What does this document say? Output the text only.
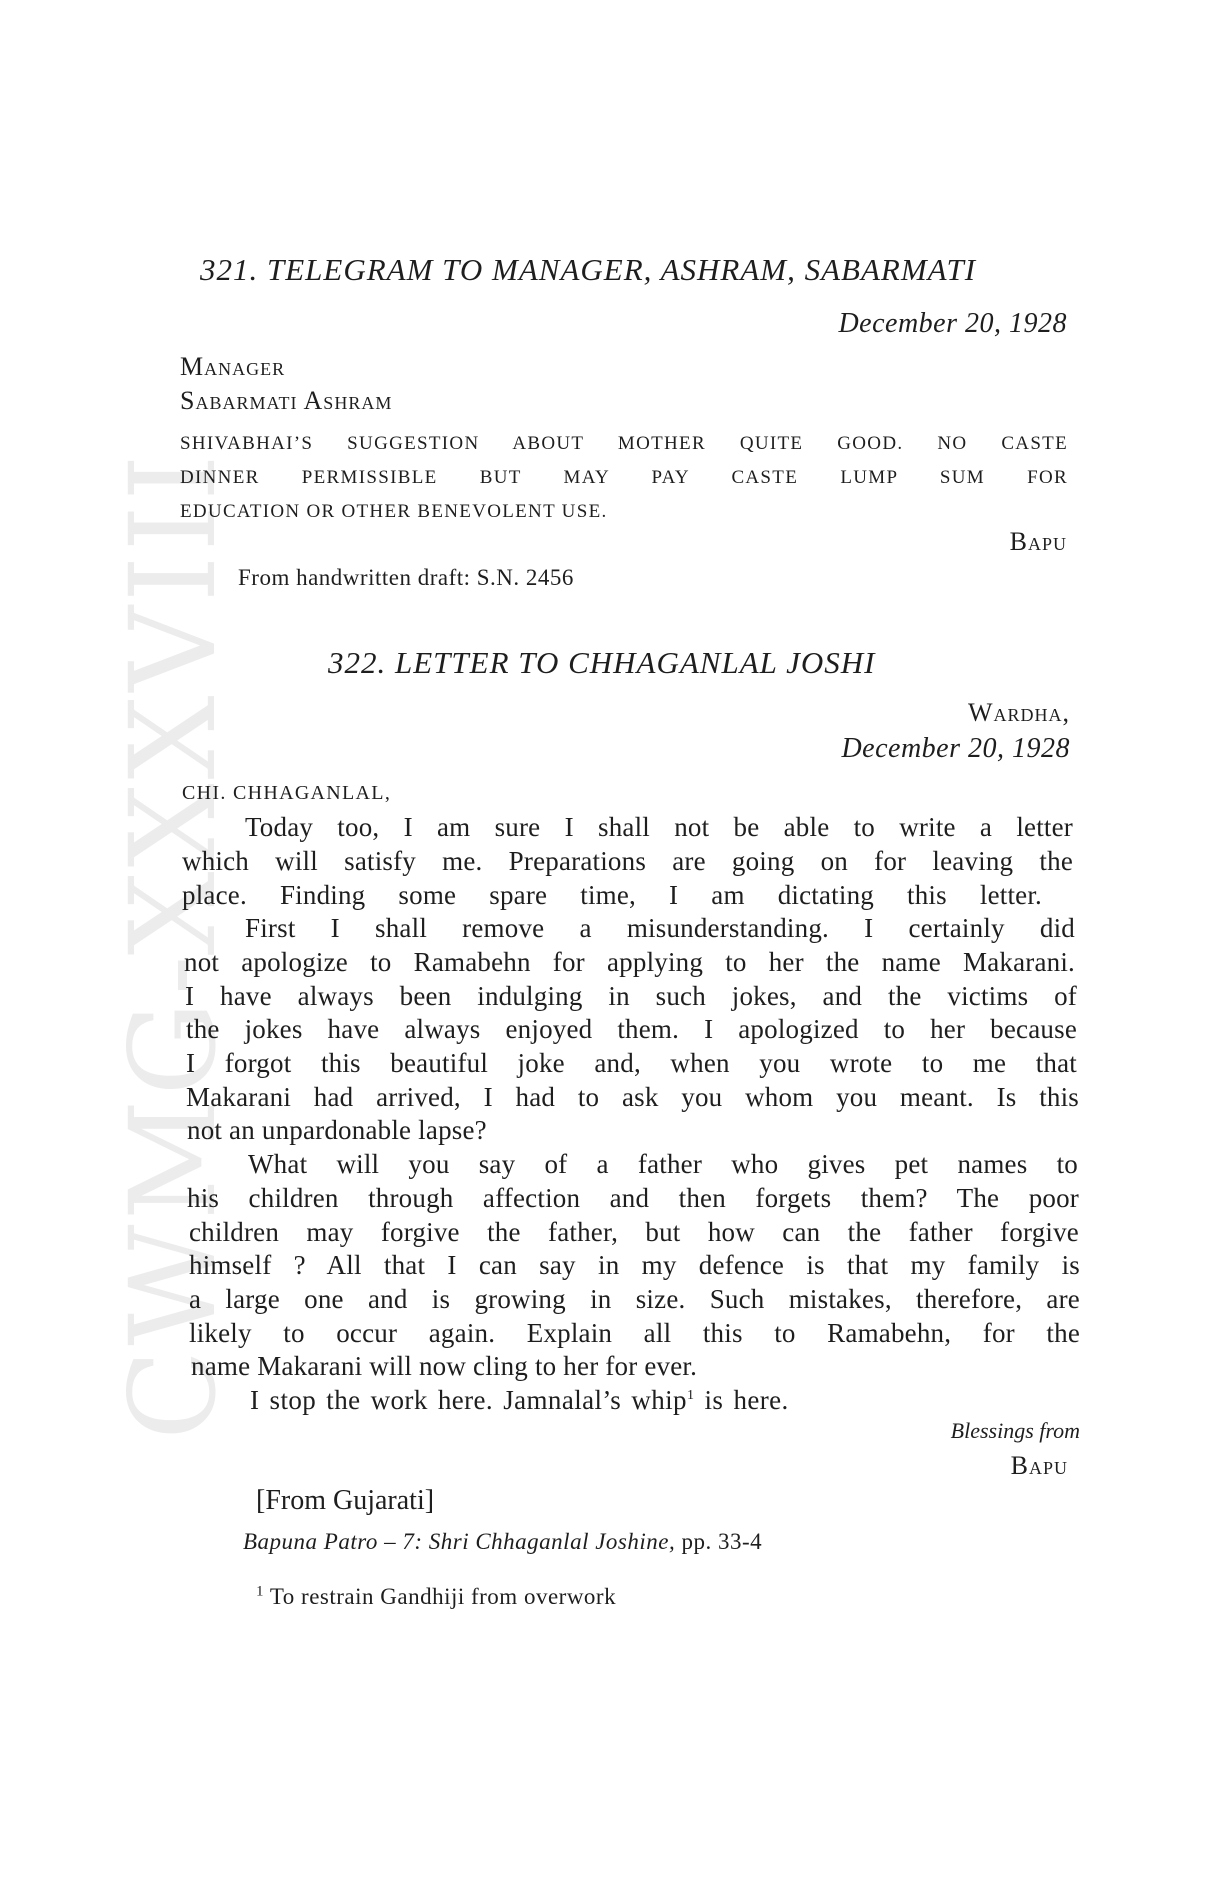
CWMG-XXXVIII
321. TELEGRAM TO MANAGER, ASHRAM, SABARMATI
December 20, 1928
Manager
Sabarmati Ashram
SHIVABHAI’S SUGGESTION ABOUT MOTHER QUITE GOOD. NO CASTE
DINNER PERMISSIBLE BUT MAY PAY CASTE LUMP SUM FOR
EDUCATION OR OTHER BENEVOLENT USE.
Bapu
From handwritten draft: S.N. 2456
322. LETTER TO CHHAGANLAL JOSHI
Wardha,
December 20, 1928
CHI. CHHAGANLAL,
Today too, I am sure I shall not be able to write a letter
which will satisfy me. Preparations are going on for leaving the
place. Finding some spare time, I am dictating this letter.
First I shall remove a misunderstanding. I certainly did
not apologize to Ramabehn for applying to her the name Makarani.
I have always been indulging in such jokes, and the victims of
the jokes have always enjoyed them. I apologized to her because
I forgot this beautiful joke and, when you wrote to me that
Makarani had arrived, I had to ask you whom you meant. Is this
not an unpardonable lapse?
What will you say of a father who gives pet names to
his children through affection and then forgets them? The poor
children may forgive the father, but how can the father forgive
himself ? All that I can say in my defence is that my family is
a large one and is growing in size. Such mistakes, therefore, are
likely to occur again. Explain all this to Ramabehn, for the
name Makarani will now cling to her for ever.
I stop the work here. Jamnalal’s whip$^1$ is here.
Blessings from
Bapu
[From Gujarati]
Bapuna Patro – 7: Shri Chhaganlal Joshine, pp. 33-4
$^1$ To restrain Gandhiji from overwork
